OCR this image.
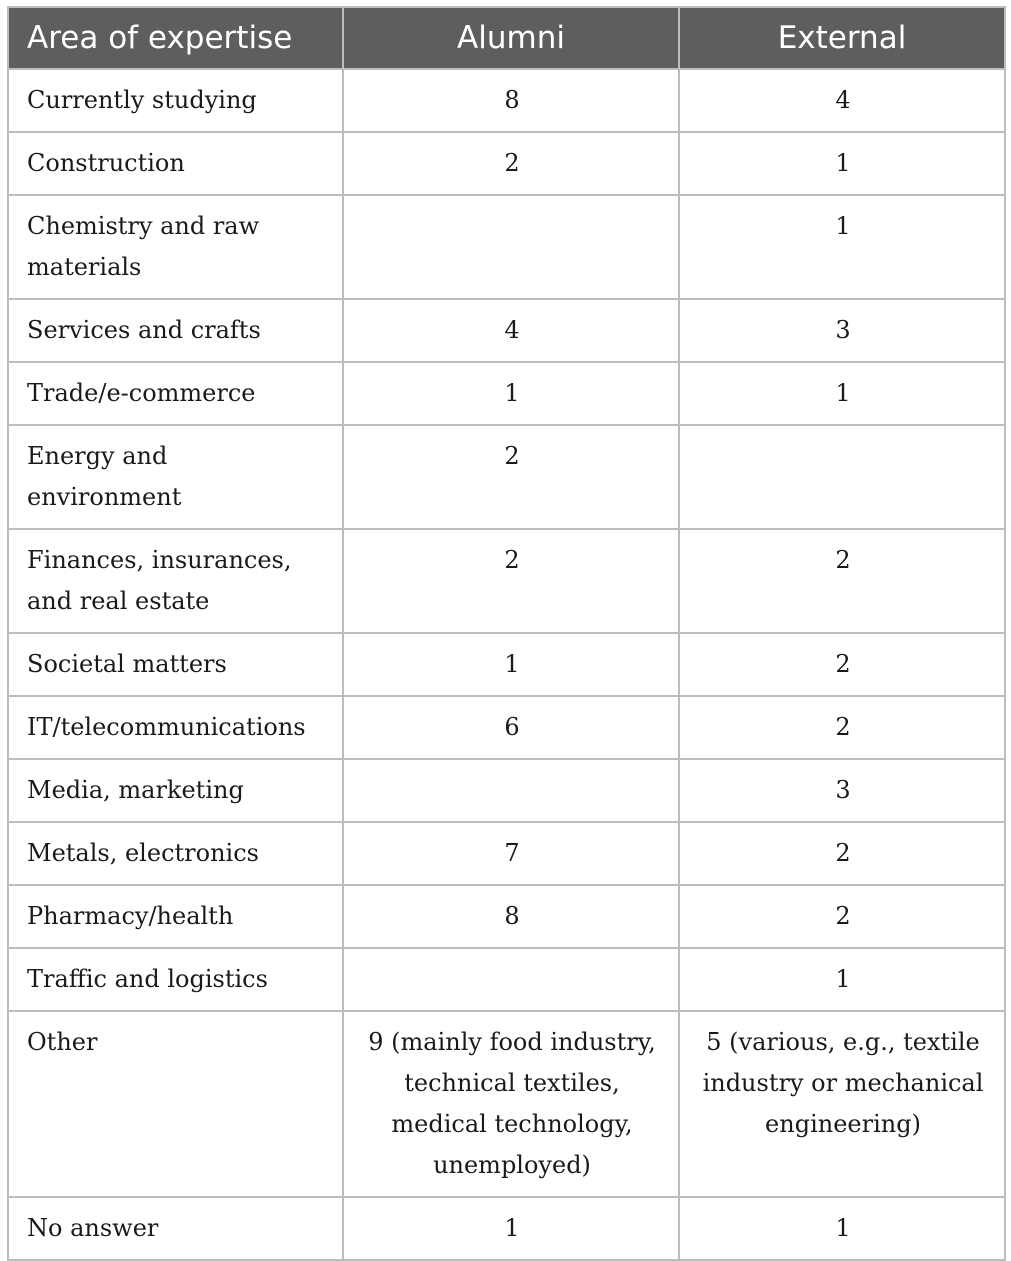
Area of expertise	Alumni	External
Currently studying	8	4
Construction	2	1
Chemistry and raw materials		1
Services and crafts	4	3
Trade/e-commerce	1	1
Energy and environment	2	
Finances, insurances, and real estate	2	2
Societal matters	1	2
IT/telecommunications	6	2
Media, marketing		3
Metals, electronics	7	2
Pharmacy/health	8	2
Traffic and logistics		1
Other	9 (mainly food industry, technical textiles, medical technology, unemployed)	5 (various, e.g., textile industry or mechanical engineering)
No answer	1	1
